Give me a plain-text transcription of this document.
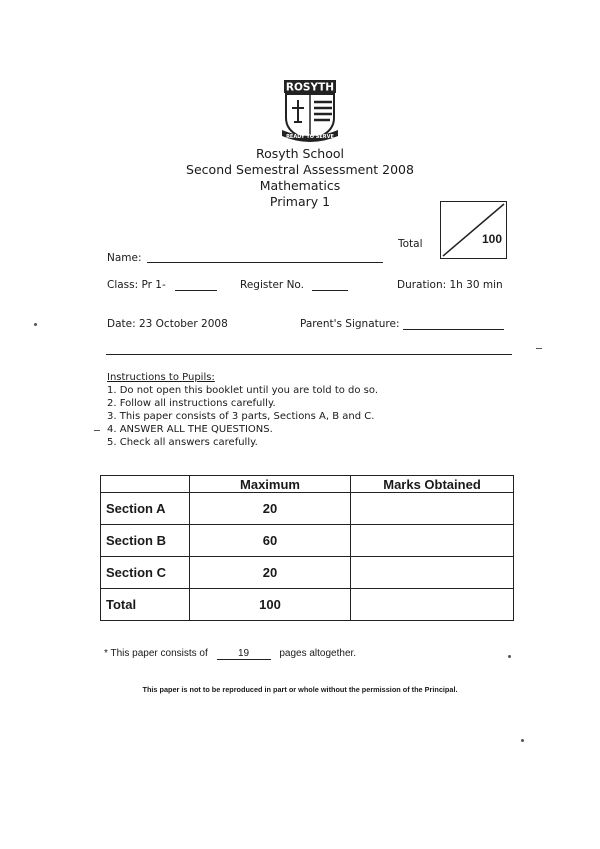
ROSYTH
READY TO SERVE
Rosyth School
Second Semestral Assessment 2008
Mathematics
Primary 1
Total	100
Name:
Class: Pr 1-	Register No.	Duration: 1h 30 min
Date: 23 October 2008	Parent's Signature:
Instructions to Pupils:
1. Do not open this booklet until you are told to do so.
2. Follow all instructions carefully.
3. This paper consists of 3 parts, Sections A, B and C.
4. ANSWER ALL THE QUESTIONS.
5. Check all answers carefully.
	Maximum	Marks Obtained
Section A	20	
Section B	60	
Section C	20	
Total	100	
* This paper consists of	19	pages altogether.
This paper is not to be reproduced in part or whole without the permission of the Principal.
